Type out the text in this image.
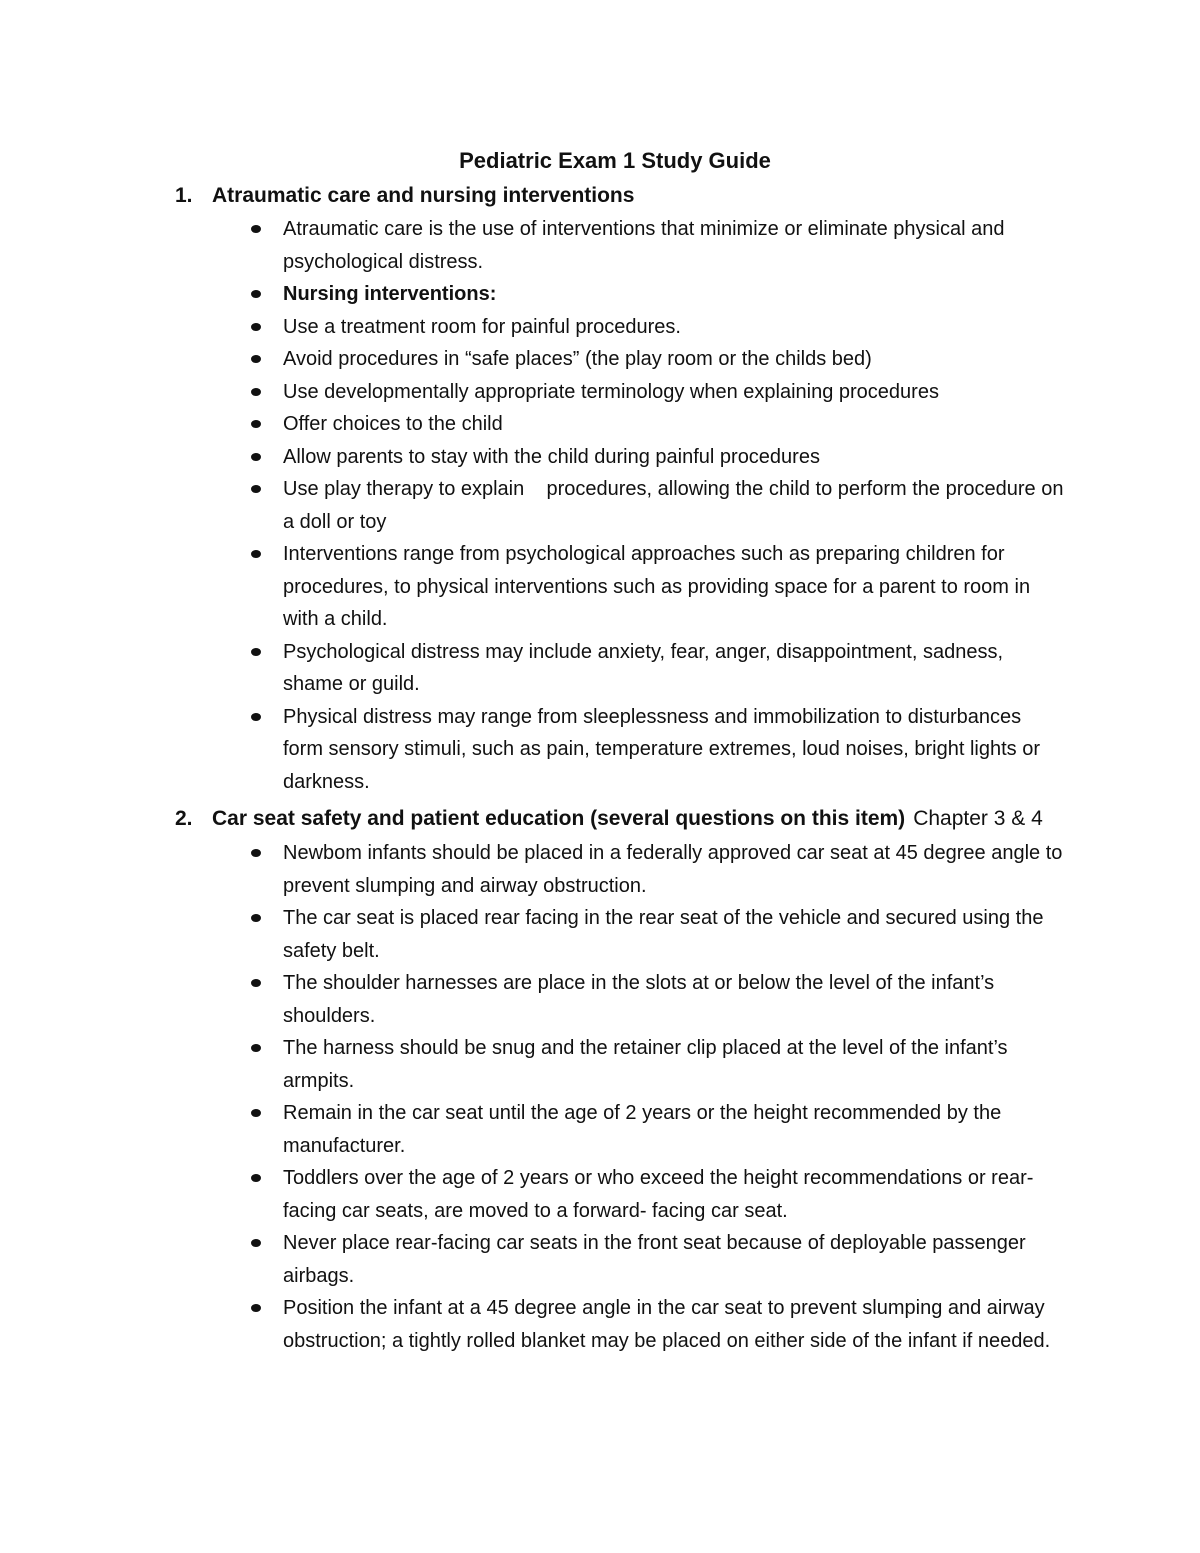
Pediatric Exam 1 Study Guide
1. Atraumatic care and nursing interventions
Atraumatic care is the use of interventions that minimize or eliminate physical and psychological distress.
Nursing interventions:
Use a treatment room for painful procedures.
Avoid procedures in “safe places” (the play room or the childs bed)
Use developmentally appropriate terminology when explaining procedures
Offer choices to the child
Allow parents to stay with the child during painful procedures
Use play therapy to explain    procedures, allowing the child to perform the procedure on a doll or toy
Interventions range from psychological approaches such as preparing children for procedures, to physical interventions such as providing space for a parent to room in with a child.
Psychological distress may include anxiety, fear, anger, disappointment, sadness, shame or guild.
Physical distress may range from sleeplessness and immobilization to disturbances form sensory stimuli, such as pain, temperature extremes, loud noises, bright lights or darkness.
2. Car seat safety and patient education (several questions on this item) Chapter 3 & 4
Newbom infants should be placed in a federally approved car seat at 45 degree angle to prevent slumping and airway obstruction.
The car seat is placed rear facing in the rear seat of the vehicle and secured using the safety belt.
The shoulder harnesses are place in the slots at or below the level of the infant’s shoulders.
The harness should be snug and the retainer clip placed at the level of the infant’s armpits.
Remain in the car seat until the age of 2 years or the height recommended by the manufacturer.
Toddlers over the age of 2 years or who exceed the height recommendations or rear-facing car seats, are moved to a forward- facing car seat.
Never place rear-facing car seats in the front seat because of deployable passenger airbags.
Position the infant at a 45 degree angle in the car seat to prevent slumping and airway obstruction; a tightly rolled blanket may be placed on either side of the infant if needed.
